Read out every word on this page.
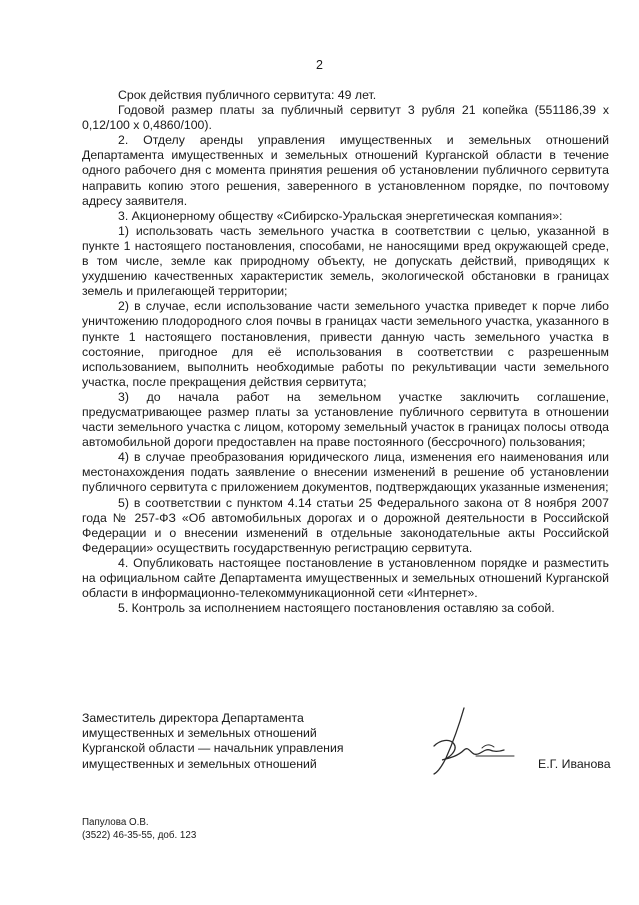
2

Срок действия публичного сервитута: 49 лет.

Годовой размер платы за публичный сервитут 3 рубля 21 копейка (551186,39 x 0,12/100 x 0,4860/100).

2. Отделу аренды управления имущественных и земельных отношений Департамента имущественных и земельных отношений Курганской области в течение одного рабочего дня с момента принятия решения об установлении публичного сервитута направить копию этого решения, заверенного в установленном порядке, по почтовому адресу заявителя.

3. Акционерному обществу «Сибирско-Уральская энергетическая компания»:

1) использовать часть земельного участка в соответствии с целью, указанной в пункте 1 настоящего постановления, способами, не наносящими вред окружающей среде, в том числе, земле как природному объекту, не допускать действий, приводящих к ухудшению качественных характеристик земель, экологической обстановки в границах земель и прилегающей территории;

2) в случае, если использование части земельного участка приведет к порче либо уничтожению плодородного слоя почвы в границах части земельного участка, указанного в пункте 1 настоящего постановления, привести данную часть земельного участка в состояние, пригодное для её использования в соответствии с разрешенным использованием, выполнить необходимые работы по рекультивации части земельного участка, после прекращения действия сервитута;

3) до начала работ на земельном участке заключить соглашение, предусматривающее размер платы за установление публичного сервитута в отношении части земельного участка с лицом, которому земельный участок в границах полосы отвода автомобильной дороги предоставлен на праве постоянного (бессрочного) пользования;

4) в случае преобразования юридического лица, изменения его наименования или местонахождения подать заявление о внесении изменений в решение об установлении публичного сервитута с приложением документов, подтверждающих указанные изменения;

5) в соответствии с пунктом 4.14 статьи 25 Федерального закона от 8 ноября 2007 года № 257-ФЗ «Об автомобильных дорогах и о дорожной деятельности в Российской Федерации и о внесении изменений в отдельные законодательные акты Российской Федерации» осуществить государственную регистрацию сервитута.

4. Опубликовать настоящее постановление в установленном порядке и разместить на официальном сайте Департамента имущественных и земельных отношений Курганской области в информационно-телекоммуникационной сети «Интернет».

5. Контроль за исполнением настоящего постановления оставляю за собой.

Заместитель директора Департамента
имущественных и земельных отношений
Курганской области — начальник управления
имущественных и земельных отношений	Е.Г. Иванова
Папулова О.В.
(3522) 46-35-55, доб. 123
